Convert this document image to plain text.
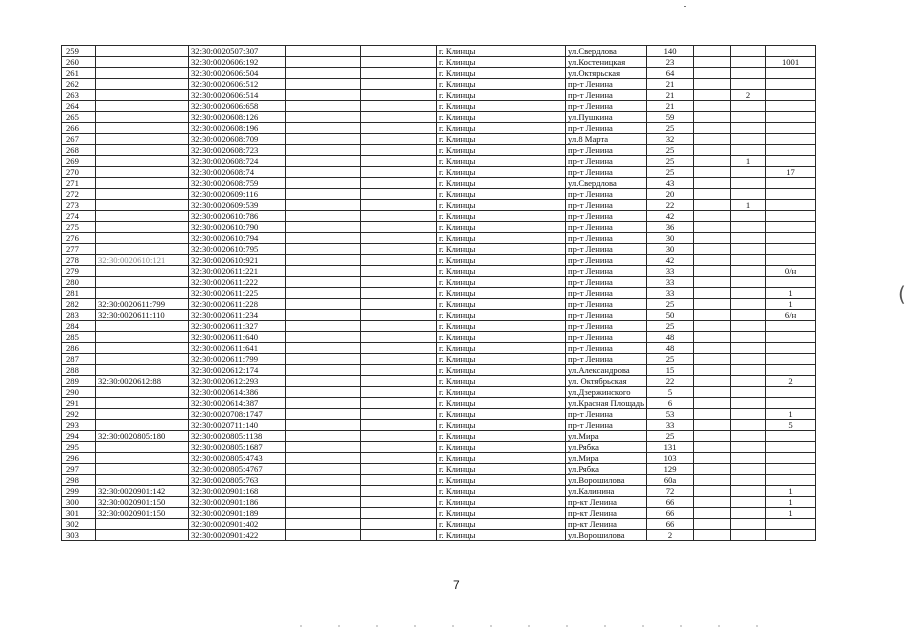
259		32:30:0020507:307			г. Клинцы	ул.Свердлова	140			
260		32:30:0020606:192			г. Клинцы	ул.Костеницкая	23			1001
261		32:30:0020606:504			г. Клинцы	ул.Октярьская	64			
262		32:30:0020606:512			г. Клинцы	пр-т Ленина	21			
263		32:30:0020606:514			г. Клинцы	пр-т Ленина	21		2	
264		32:30:0020606:658			г. Клинцы	пр-т Ленина	21			
265		32:30:0020608:126			г. Клинцы	ул.Пушкина	59			
266		32:30:0020608:196			г. Клинцы	пр-т Ленина	25			
267		32:30:0020608:709			г. Клинцы	ул.8 Марта	32			
268		32:30:0020608:723			г. Клинцы	пр-т Ленина	25			
269		32:30:0020608:724			г. Клинцы	пр-т Ленина	25		1	
270		32:30:0020608:74			г. Клинцы	пр-т Ленина	25			17
271		32:30:0020608:759			г. Клинцы	ул.Свердлова	43			
272		32:30:0020609:116			г. Клинцы	пр-т Ленина	20			
273		32:30:0020609:539			г. Клинцы	пр-т Ленина	22		1	
274		32:30:0020610:786			г. Клинцы	пр-т Ленина	42			
275		32:30:0020610:790			г. Клинцы	пр-т Ленина	36			
276		32:30:0020610:794			г. Клинцы	пр-т Ленина	30			
277		32:30:0020610:795			г. Клинцы	пр-т Ленина	30			
278	32:30:0020610:121	32:30:0020610:921			г. Клинцы	пр-т Ленина	42			
279		32:30:0020611:221			г. Клинцы	пр-т Ленина	33			0/н
280		32:30:0020611:222			г. Клинцы	пр-т Ленина	33			
281		32:30:0020611:225			г. Клинцы	пр-т Ленина	33			1
282	32:30:0020611:799	32:30:0020611:228			г. Клинцы	пр-т Ленина	25			1
283	32:30:0020611:110	32:30:0020611:234			г. Клинцы	пр-т Ленина	50			6/н
284		32:30:0020611:327			г. Клинцы	пр-т Ленина	25			
285		32:30:0020611:640			г. Клинцы	пр-т Ленина	48			
286		32:30:0020611:641			г. Клинцы	пр-т Ленина	48			
287		32:30:0020611:799			г. Клинцы	пр-т Ленина	25			
288		32:30:0020612:174			г. Клинцы	ул.Александрова	15			
289	32:30:0020612:88	32:30:0020612:293			г. Клинцы	ул. Октябрьская	22			2
290		32:30:0020614:386			г. Клинцы	ул.Дзержинского	5			
291		32:30:0020614:387			г. Клинцы	ул.Красная Площадь	6			
292		32:30:0020708:1747			г. Клинцы	пр-т Ленина	53			1
293		32:30:0020711:140			г. Клинцы	пр-т Ленина	33			5
294	32:30:0020805:180	32:30:0020805:1138			г. Клинцы	ул.Мира	25			
295		32:30:0020805:1687			г. Клинцы	ул.Рябка	131			
296		32:30:0020805:4743			г. Клинцы	ул.Мира	103			
297		32:30:0020805:4767			г. Клинцы	ул.Рябка	129			
298		32:30:0020805:763			г. Клинцы	ул.Ворошилова	60а			
299	32:30:0020901:142	32:30:0020901:168			г. Клинцы	ул.Калинина	72			1
300	32:30:0020901:150	32:30:0020901:186			г. Клинцы	пр-кт Ленина	66			1
301	32:30:0020901:150	32:30:0020901:189			г. Клинцы	пр-кт Ленина	66			1
302		32:30:0020901:402			г. Клинцы	пр-кт Ленина	66			
303		32:30:0020901:422			г. Клинцы	ул.Ворошилова	2			
(
7
